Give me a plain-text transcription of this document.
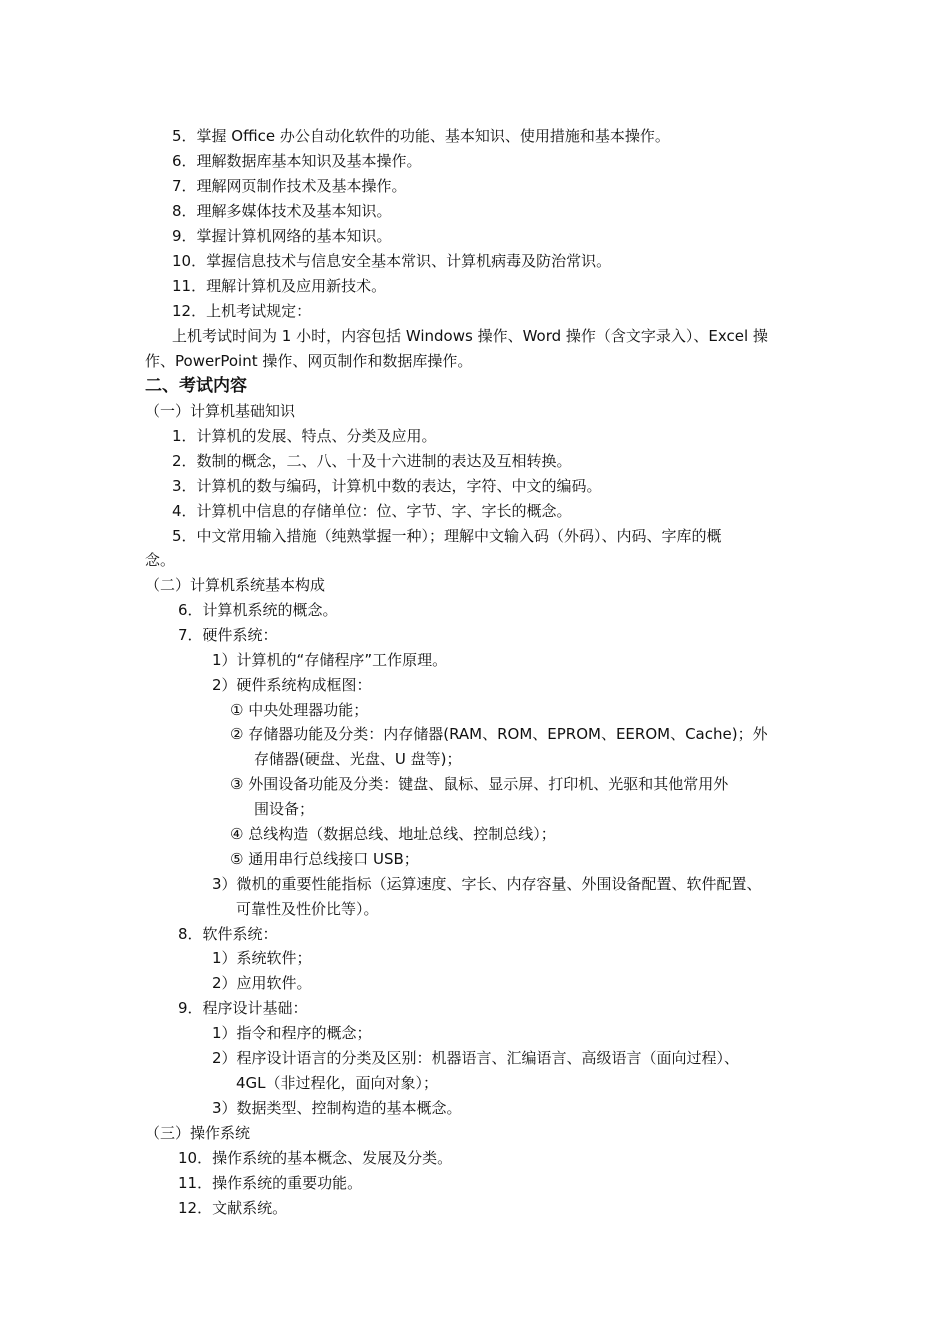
5．掌握 Office 办公自动化软件的功能、基本知识、使用措施和基本操作。
6．理解数据库基本知识及基本操作。
7．理解网页制作技术及基本操作。
8．理解多媒体技术及基本知识。
9．掌握计算机网络的基本知识。
10．掌握信息技术与信息安全基本常识、计算机病毒及防治常识。
11．理解计算机及应用新技术。
12．上机考试规定：
上机考试时间为 1 小时，内容包括 Windows 操作、Word 操作（含文字录入）、Excel 操
作、PowerPoint 操作、网页制作和数据库操作。
二、考试内容
（一）计算机基础知识
1．计算机的发展、特点、分类及应用。
2．数制的概念，二、八、十及十六进制的表达及互相转换。
3．计算机的数与编码，计算机中数的表达，字符、中文的编码。
4．计算机中信息的存储单位：位、字节、字、字长的概念。
5．中文常用输入措施（纯熟掌握一种）；理解中文输入码（外码）、内码、字库的概
念。
（二）计算机系统基本构成
6．计算机系统的概念。
7．硬件系统：
1）计算机的“存储程序”工作原理。
2）硬件系统构成框图：
① 中央处理器功能；
② 存储器功能及分类：内存储器(RAM、ROM、EPROM、EEROM、Cache)；外
存储器(硬盘、光盘、U 盘等)；
③ 外围设备功能及分类：键盘、鼠标、显示屏、打印机、光驱和其他常用外
围设备；
④ 总线构造（数据总线、地址总线、控制总线）；
⑤ 通用串行总线接口 USB；
3）微机的重要性能指标（运算速度、字长、内存容量、外围设备配置、软件配置、
可靠性及性价比等）。
8．软件系统：
1）系统软件；
2）应用软件。
9．程序设计基础：
1）指令和程序的概念；
2）程序设计语言的分类及区别：机器语言、汇编语言、高级语言（面向过程）、
4GL（非过程化，面向对象）；
3）数据类型、控制构造的基本概念。
（三）操作系统
10．操作系统的基本概念、发展及分类。
11．操作系统的重要功能。
12．文献系统。
